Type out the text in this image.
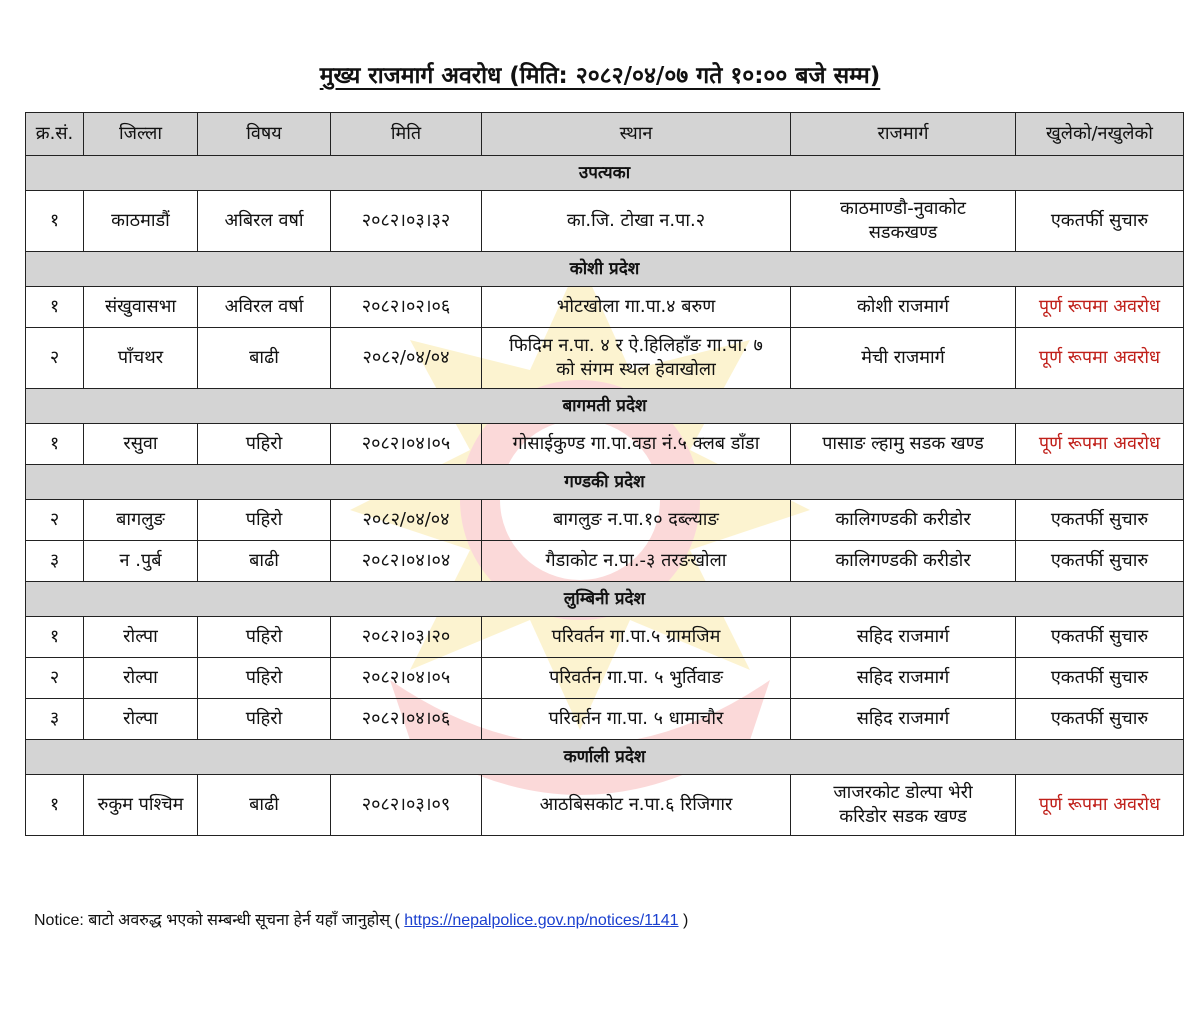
मुख्य राजमार्ग अवरोध (मिति: २०८२/०४/०७ गते १०:०० बजे सम्म)
क्र.सं.	जिल्ला	विषय	मिति	स्थान	राजमार्ग	खुलेको/नखुलेको
उपत्यका						
१	काठमाडौं	अबिरल वर्षा	२०८२।०३।३२	का.जि. टोखा न.पा.२	काठमाण्डौ-नुवाकोट
सडकखण्ड	एकतर्फी सुचारु
कोशी प्रदेश						
१	संखुवासभा	अविरल वर्षा	२०८२।०२।०६	भोटखोला गा.पा.४ बरुण	कोशी राजमार्ग	पूर्ण रूपमा अवरोध
२	पाँचथर	बाढी	२०८२/०४/०४	फिदिम न.पा. ४ र ऐ.हिलिहाँङ गा.पा. ७
को संगम स्थल हेवाखोला	मेची राजमार्ग	पूर्ण रूपमा अवरोध
बागमती प्रदेश						
१	रसुवा	पहिरो	२०८२।०४।०५	गोसाईकुण्ड गा.पा.वडा नं.५ क्लब डाँडा	पासाङ ल्हामु सडक खण्ड	पूर्ण रूपमा अवरोध
गण्डकी प्रदेश						
२	बागलुङ	पहिरो	२०८२/०४/०४	बागलुङ न.पा.१० दब्ल्याङ	कालिगण्डकी करीडोर	एकतर्फी सुचारु
३	न .पुर्ब	बाढी	२०८२।०४।०४	गैडाकोट न.पा.-३ तरङखोला	कालिगण्डकी करीडोर	एकतर्फी सुचारु
लुम्बिनी प्रदेश						
१	रोल्पा	पहिरो	२०८२।०३।२०	परिवर्तन गा.पा.५ ग्रामजिम	सहिद राजमार्ग	एकतर्फी सुचारु
२	रोल्पा	पहिरो	२०८२।०४।०५	परिवर्तन गा.पा. ५ भुर्तिवाङ	सहिद राजमार्ग	एकतर्फी सुचारु
३	रोल्पा	पहिरो	२०८२।०४।०६	परिवर्तन गा.पा. ५ धामाचौर	सहिद राजमार्ग	एकतर्फी सुचारु
कर्णाली प्रदेश						
१	रुकुम पश्चिम	बाढी	२०८२।०३।०९	आठबिसकोट न.पा.६ रिजिगार	जाजरकोट डोल्पा भेरी
करिडोर सडक खण्ड	पूर्ण रूपमा अवरोध
Notice: बाटो अवरुद्ध भएको सम्बन्धी सूचना हेर्न यहाँ जानुहोस् ( https://nepalpolice.gov.np/notices/1141 )
